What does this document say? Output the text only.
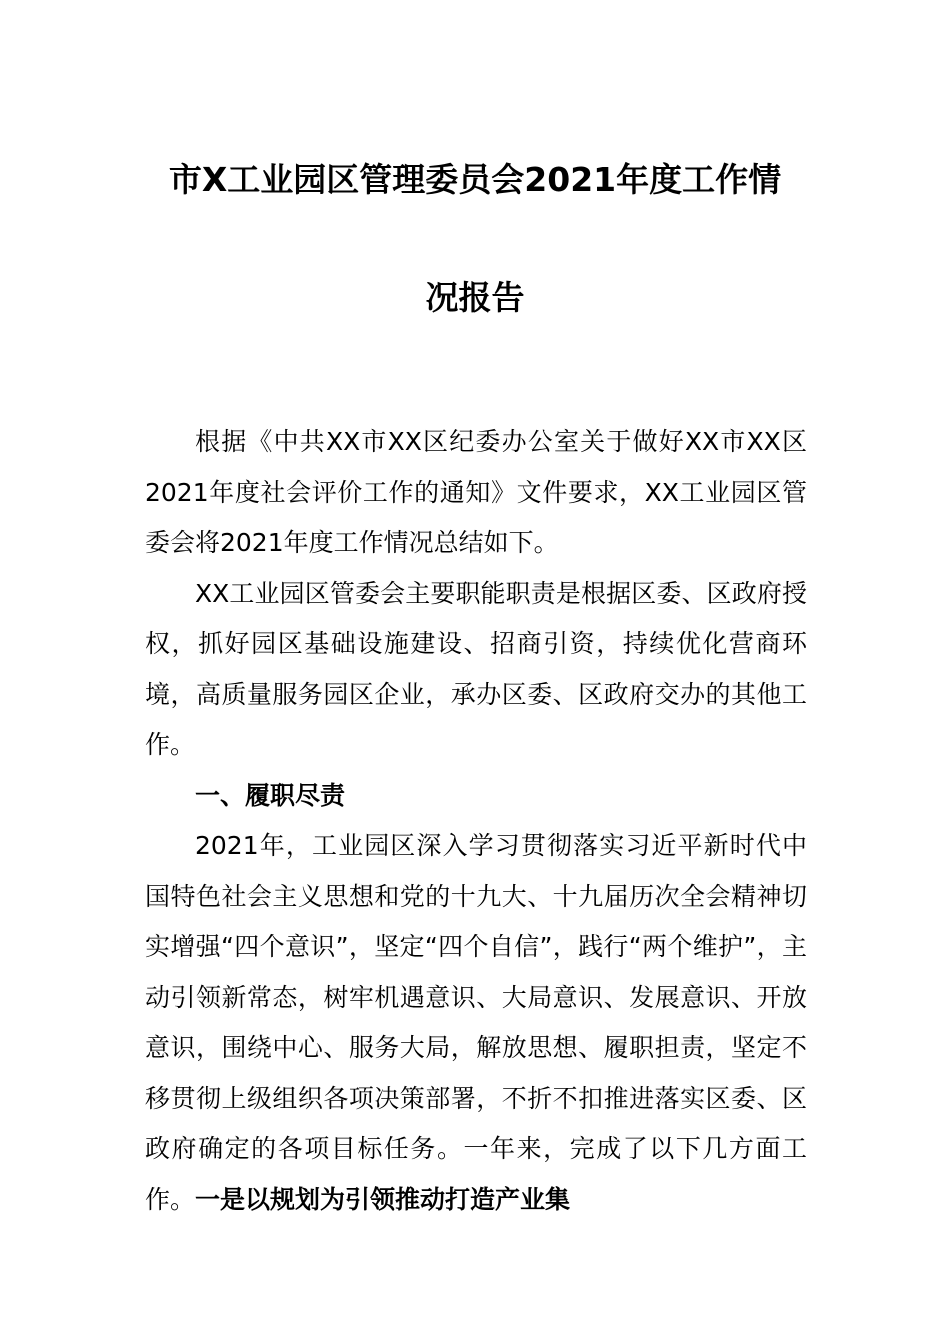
市X工业园区管理委员会2021年度工作情
况报告

根据《中共XX市XX区纪委办公室关于做好XX市XX区2021年度社会评价工作的通知》文件要求，XX工业园区管委会将2021年度工作情况总结如下。

XX工业园区管委会主要职能职责是根据区委、区政府授权，抓好园区基础设施建设、招商引资，持续优化营商环境，高质量服务园区企业，承办区委、区政府交办的其他工作。

一、履职尽责

2021年，工业园区深入学习贯彻落实习近平新时代中国特色社会主义思想和党的十九大、十九届历次全会精神切实增强“四个意识”，坚定“四个自信”，践行“两个维护”，主动引领新常态，树牢机遇意识、大局意识、发展意识、开放意识，围绕中心、服务大局，解放思想、履职担责，坚定不移贯彻上级组织各项决策部署，不折不扣推进落实区委、区政府确定的各项目标任务。一年来，完成了以下几方面工作。一是以规划为引领推动打造产业集
